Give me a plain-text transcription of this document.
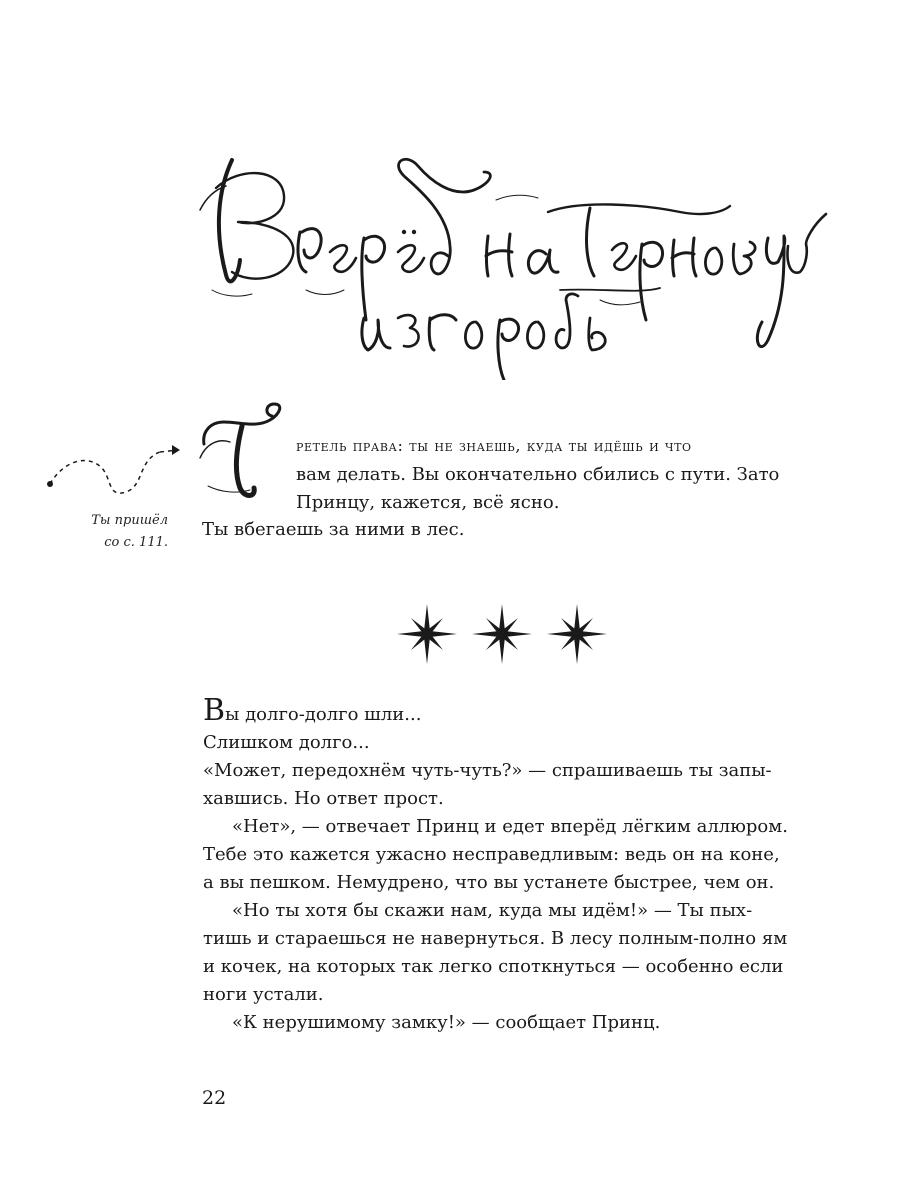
Ты пришёл
со с. 111.
ретель права: ты не знаешь, куда ты идёшь и что
вам делать. Вы окончательно сбились с пути. Зато
Принцу, кажется, всё ясно.
Ты вбегаешь за ними в лес.
Вы долго-долго шли...
Слишком долго...
«Может, передохнём чуть-чуть?» — спрашиваешь ты запы-
хавшись. Но ответ прост.
«Нет», — отвечает Принц и едет вперёд лёгким аллюром.
Тебе это кажется ужасно несправедливым: ведь он на коне,
а вы пешком. Немудрено, что вы устанете быстрее, чем он.
«Но ты хотя бы скажи нам, куда мы идём!» — Ты пых-
тишь и стараешься не навернуться. В лесу полным-полно ям
и кочек, на которых так легко споткнуться — особенно если
ноги устали.
«К нерушимому замку!» — сообщает Принц.
22
